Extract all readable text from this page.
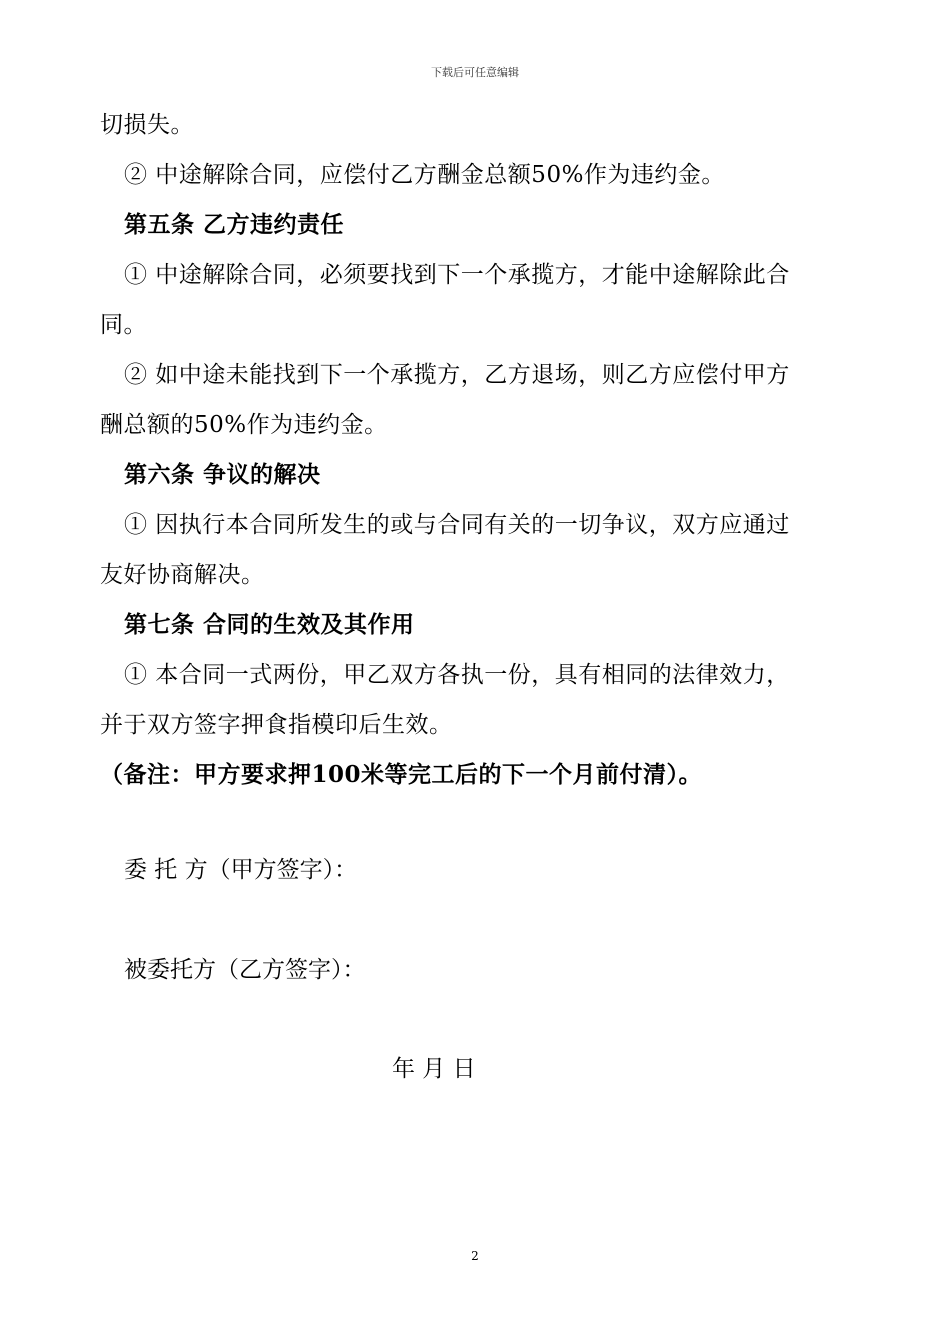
下载后可任意编辑

切损失。

② 中途解除合同，应偿付乙方酬金总额50%作为违约金。

第五条 乙方违约责任

① 中途解除合同，必须要找到下一个承揽方，才能中途解除此合

同。

② 如中途未能找到下一个承揽方，乙方退场，则乙方应偿付甲方

酬总额的50%作为违约金。

第六条 争议的解决

① 因执行本合同所发生的或与合同有关的一切争议，双方应通过

友好协商解决。

第七条 合同的生效及其作用

① 本合同一式两份，甲乙双方各执一份，具有相同的法律效力，

并于双方签字押食指模印后生效。

（备注：甲方要求押100米等完工后的下一个月前付清）。

委 托 方（甲方签字）：
被委托方（乙方签字）：
年 月 日
2
